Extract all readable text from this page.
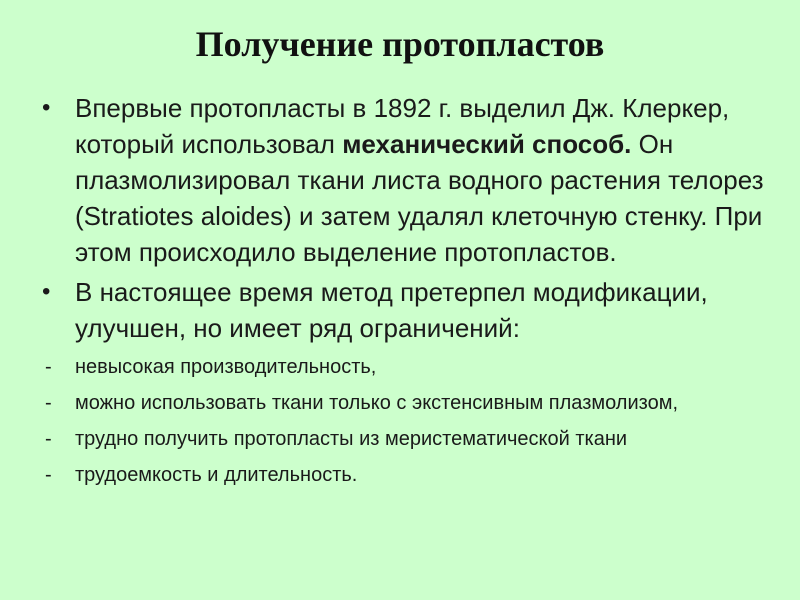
Получение протопластов
• Впервые протопласты в 1892 г. выделил Дж. Клеркер, который использовал механический способ. Он плазмолизировал ткани листа водного растения телорез (Stratiotes aloides) и затем удалял клеточную стенку. При этом происходило выделение протопластов.
• В настоящее время метод претерпел модификации, улучшен, но имеет ряд ограничений:
- невысокая производительность,
- можно использовать ткани только с экстенсивным плазмолизом,
- трудно получить протопласты из меристематической ткани
- трудоемкость и длительность.
